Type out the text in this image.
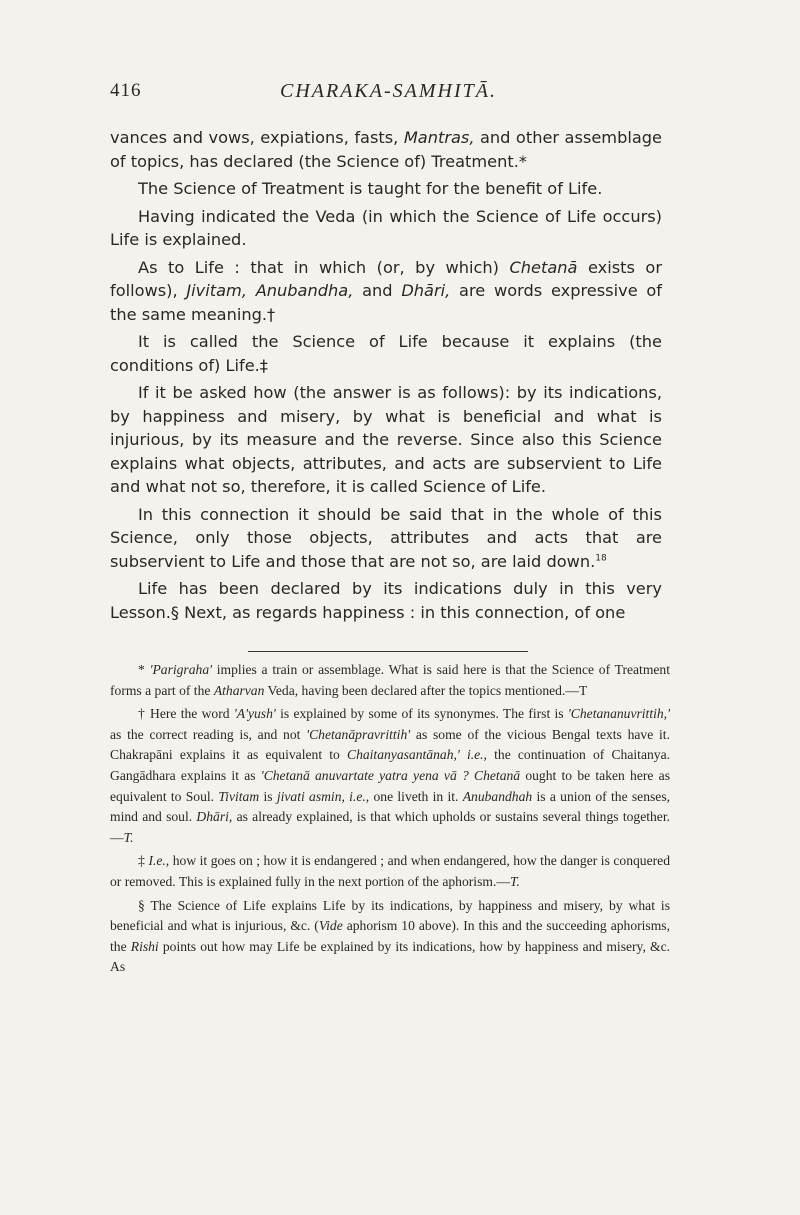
416	CHARAKA-SAMHITĀ.

vances and vows, expiations, fasts, Mantras, and other assemblage of topics, has declared (the Science of) Treatment.*

The Science of Treatment is taught for the benefit of Life.

Having indicated the Veda (in which the Science of Life occurs) Life is explained.

As to Life : that in which (or, by which) Chetanā exists or follows), Jivitam, Anubandha, and Dhāri, are words expressive of the same meaning.†

It is called the Science of Life because it explains (the conditions of) Life.‡

If it be asked how (the answer is as follows): by its indications, by happiness and misery, by what is beneficial and what is injurious, by its measure and the reverse. Since also this Science explains what objects, attributes, and acts are subservient to Life and what not so, therefore, it is called Science of Life.

In this connection it should be said that in the whole of this Science, only those objects, attributes and acts that are subservient to Life and those that are not so, are laid down.$^{18}$

Life has been declared by its indications duly in this very Lesson.§ Next, as regards happiness : in this connection, of one

* 'Parigraha' implies a train or assemblage. What is said here is that the Science of Treatment forms a part of the Atharvan Veda, having been declared after the topics mentioned.—T

† Here the word 'A'yush' is explained by some of its synonymes. The first is 'Chetananuvrittih,' as the correct reading is, and not 'Chetanāpravrittih' as some of the vicious Bengal texts have it. Chakrapāni explains it as equivalent to Chaitanyasantānah,' i.e., the continuation of Chaitanya. Gangādhara explains it as 'Chetanā anuvartate yatra yena vā ? Chetanā ought to be taken here as equivalent to Soul. Tivitam is jivati asmin, i.e., one liveth in it. Anubandhah is a union of the senses, mind and soul. Dhāri, as already explained, is that which upholds or sustains several things together.—T.

‡ I.e., how it goes on ; how it is endangered ; and when endangered, how the danger is conquered or removed. This is explained fully in the next portion of the aphorism.—T.

§ The Science of Life explains Life by its indications, by happiness and misery, by what is beneficial and what is injurious, &c. (Vide aphorism 10 above). In this and the succeeding aphorisms, the Rishi points out how may Life be explained by its indications, how by happiness and misery, &c. As
